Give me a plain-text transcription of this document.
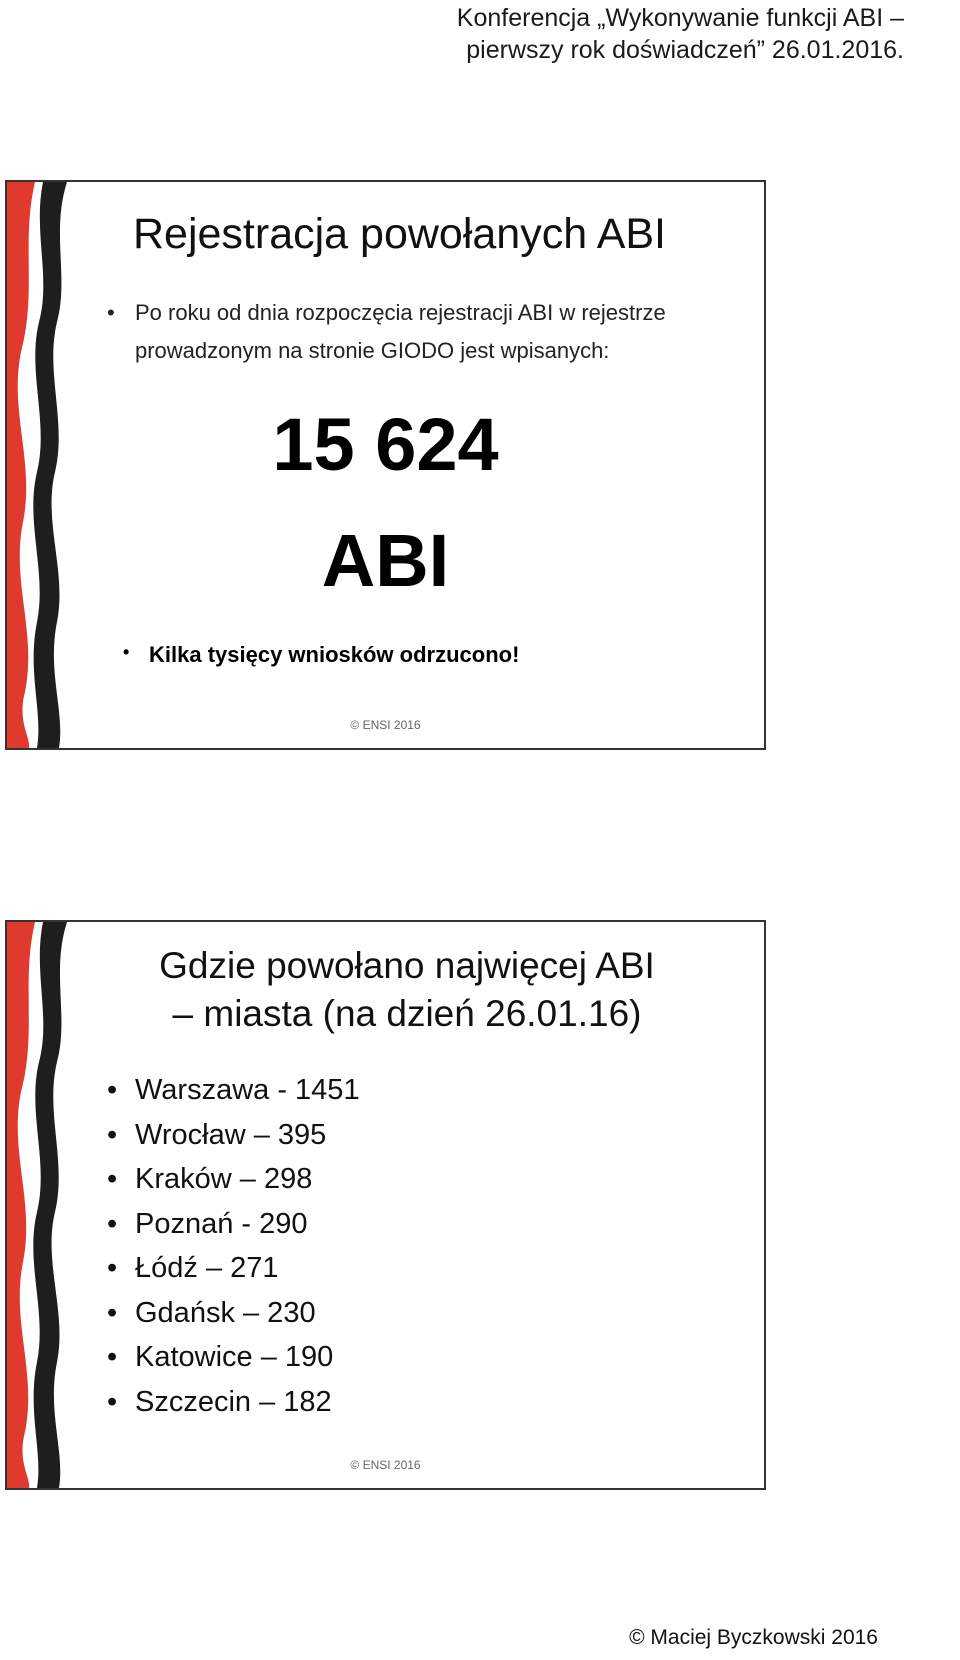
Konferencja „Wykonywanie funkcji ABI –
pierwszy rok doświadczeń” 26.01.2016.
Rejestracja powołanych ABI
• Po roku od dnia rozpoczęcia rejestracji ABI w rejestrze prowadzonym na stronie GIODO jest wpisanych:
15 624
ABI
• Kilka tysięcy wniosków odrzucono!
© ENSI 2016
Gdzie powołano najwięcej ABI
– miasta (na dzień 26.01.16)
• Warszawa - 1451
• Wrocław – 395
• Kraków – 298
• Poznań - 290
• Łódź – 271
• Gdańsk – 230
• Katowice – 190
• Szczecin – 182
© ENSI 2016
© Maciej Byczkowski 2016
